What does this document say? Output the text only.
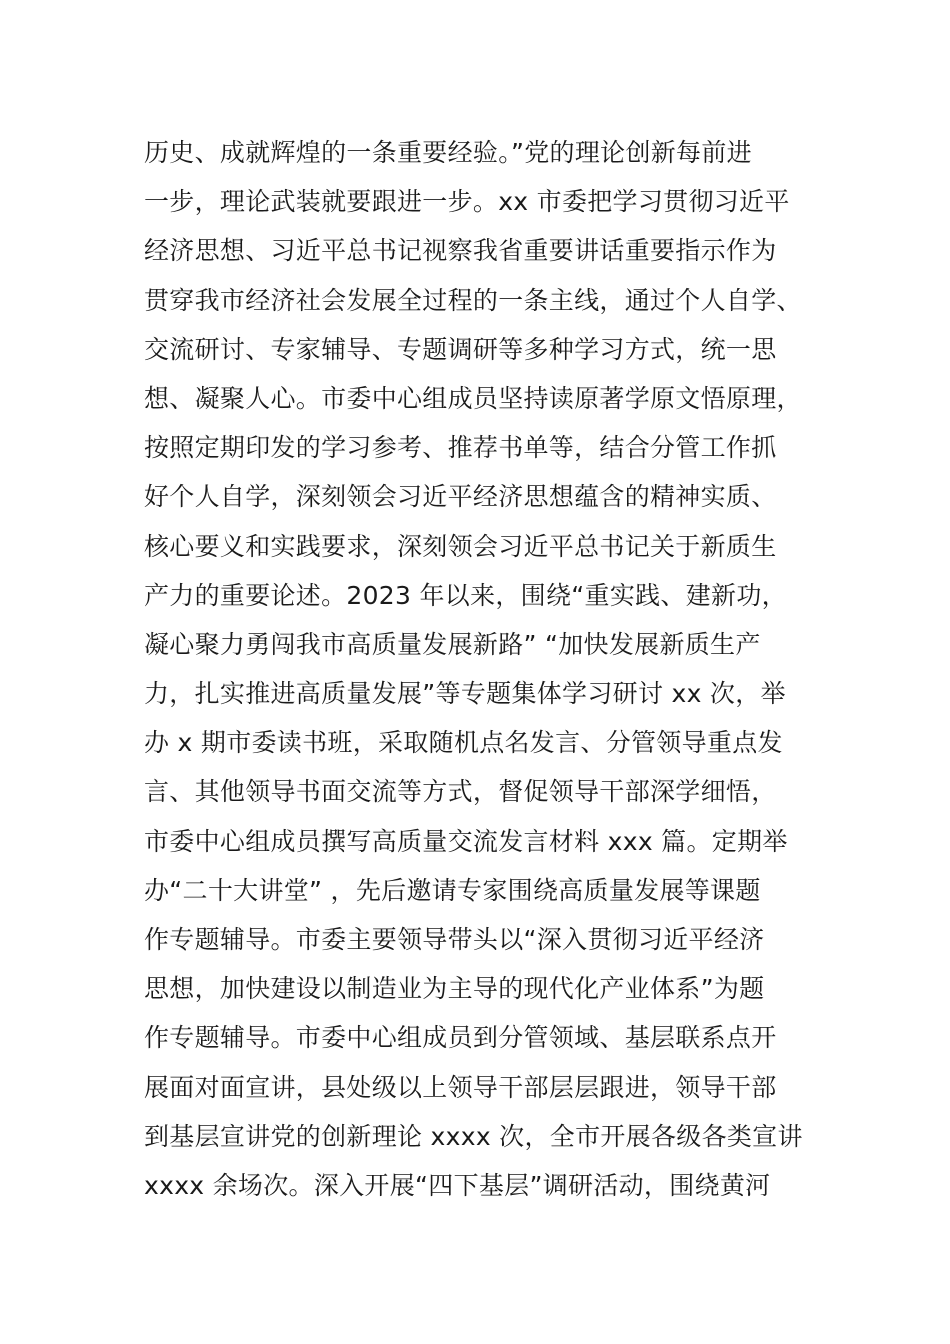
历史、成就辉煌的一条重要经验。”党的理论创新每前进
一步，理论武装就要跟进一步。xx 市委把学习贯彻习近平
经济思想、习近平总书记视察我省重要讲话重要指示作为
贯穿我市经济社会发展全过程的一条主线，通过个人自学、
交流研讨、专家辅导、专题调研等多种学习方式，统一思
想、凝聚人心。市委中心组成员坚持读原著学原文悟原理，
按照定期印发的学习参考、推荐书单等，结合分管工作抓
好个人自学，深刻领会习近平经济思想蕴含的精神实质、
核心要义和实践要求，深刻领会习近平总书记关于新质生
产力的重要论述。2023 年以来，围绕“重实践、建新功，
凝心聚力勇闯我市高质量发展新路” “加快发展新质生产
力，扎实推进高质量发展”等专题集体学习研讨 xx 次，举
办 x 期市委读书班，采取随机点名发言、分管领导重点发
言、其他领导书面交流等方式，督促领导干部深学细悟，
市委中心组成员撰写高质量交流发言材料 xxx 篇。定期举
办“二十大讲堂” ，先后邀请专家围绕高质量发展等课题
作专题辅导。市委主要领导带头以“深入贯彻习近平经济
思想，加快建设以制造业为主导的现代化产业体系”为题
作专题辅导。市委中心组成员到分管领域、基层联系点开
展面对面宣讲，县处级以上领导干部层层跟进，领导干部
到基层宣讲党的创新理论 xxxx 次，全市开展各级各类宣讲
xxxx 余场次。深入开展“四下基层”调研活动，围绕黄河
